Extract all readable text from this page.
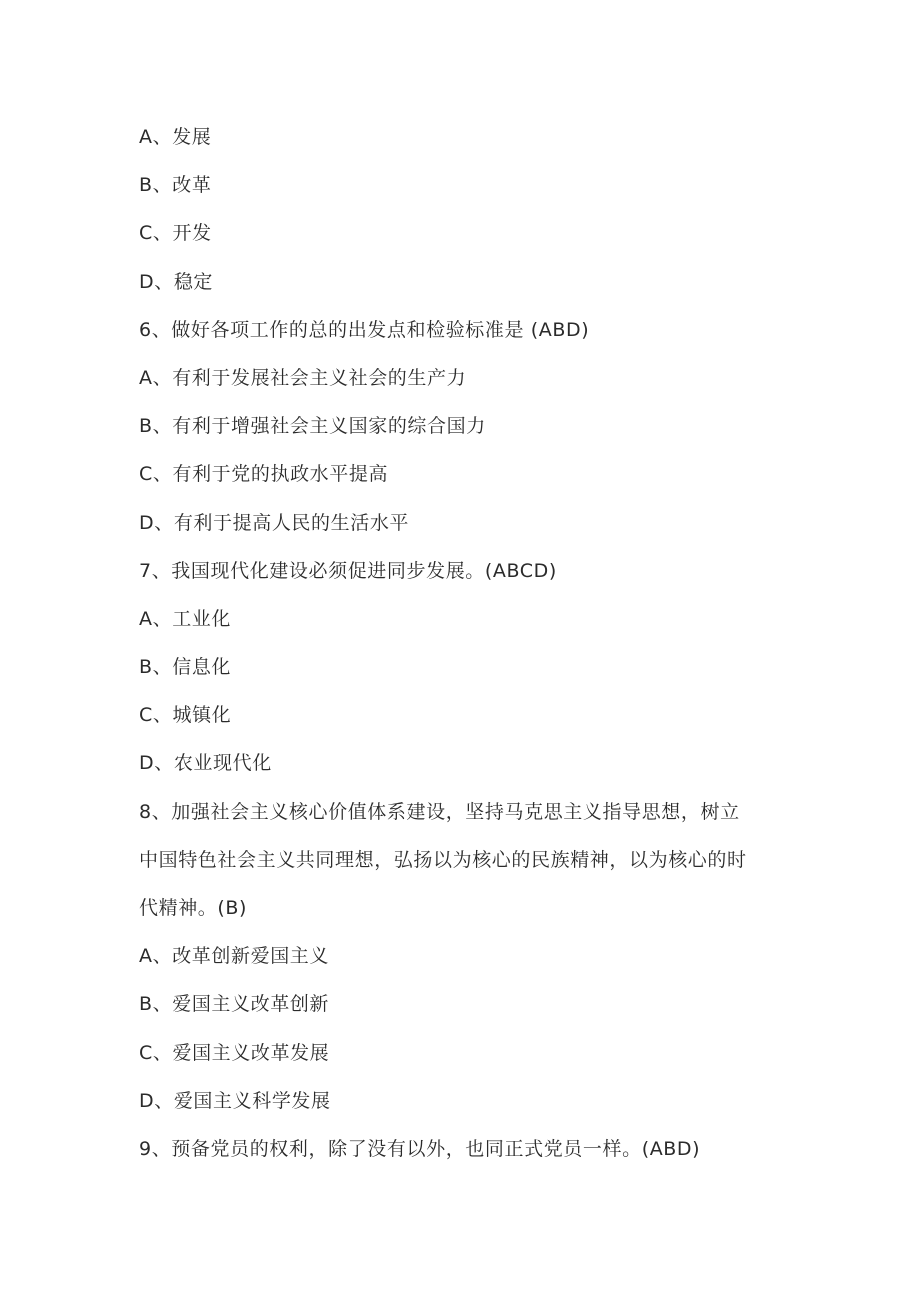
A、发展

B、改革

C、开发

D、稳定

6、做好各项工作的总的出发点和检验标准是 (ABD)

A、有利于发展社会主义社会的生产力

B、有利于增强社会主义国家的综合国力

C、有利于党的执政水平提高

D、有利于提高人民的生活水平

7、我国现代化建设必须促进同步发展。(ABCD)

A、工业化

B、信息化

C、城镇化

D、农业现代化

8、加强社会主义核心价值体系建设，坚持马克思主义指导思想，树立

中国特色社会主义共同理想，弘扬以为核心的民族精神，以为核心的时

代精神。(B)

A、改革创新爱国主义

B、爱国主义改革创新

C、爱国主义改革发展

D、爱国主义科学发展

9、预备党员的权利，除了没有以外，也同正式党员一样。(ABD)
